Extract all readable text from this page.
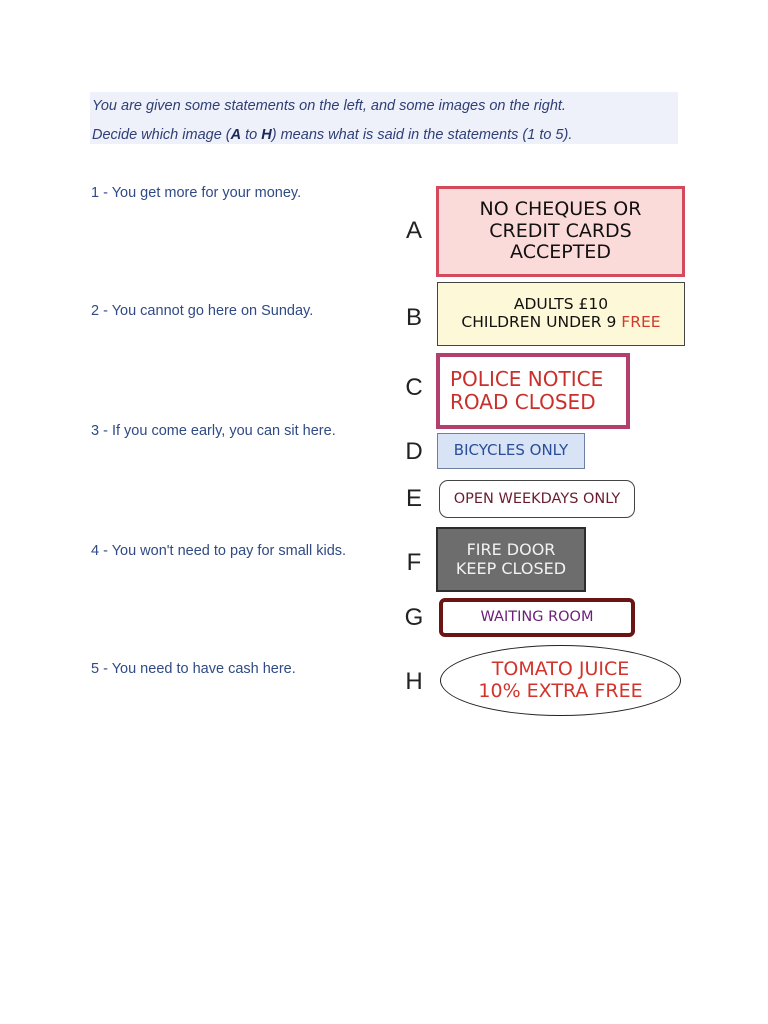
You are given some statements on the left, and some images on the right.
Decide which image (A to H) means what is said in the statements (1 to 5).
1 - You get more for your money.
2 - You cannot go here on Sunday.
3 - If you come early, you can sit here.
4 - You won't need to pay for small kids.
5 - You need to have cash here.
A
B
C
D
E
F
G
H
NO CHEQUES OR
CREDIT CARDS
ACCEPTED
ADULTS £10
CHILDREN UNDER 9 FREE
POLICE NOTICE
ROAD CLOSED
BICYCLES ONLY
OPEN WEEKDAYS ONLY
FIRE DOOR
KEEP CLOSED
WAITING ROOM
TOMATO JUICE
10% EXTRA FREE
